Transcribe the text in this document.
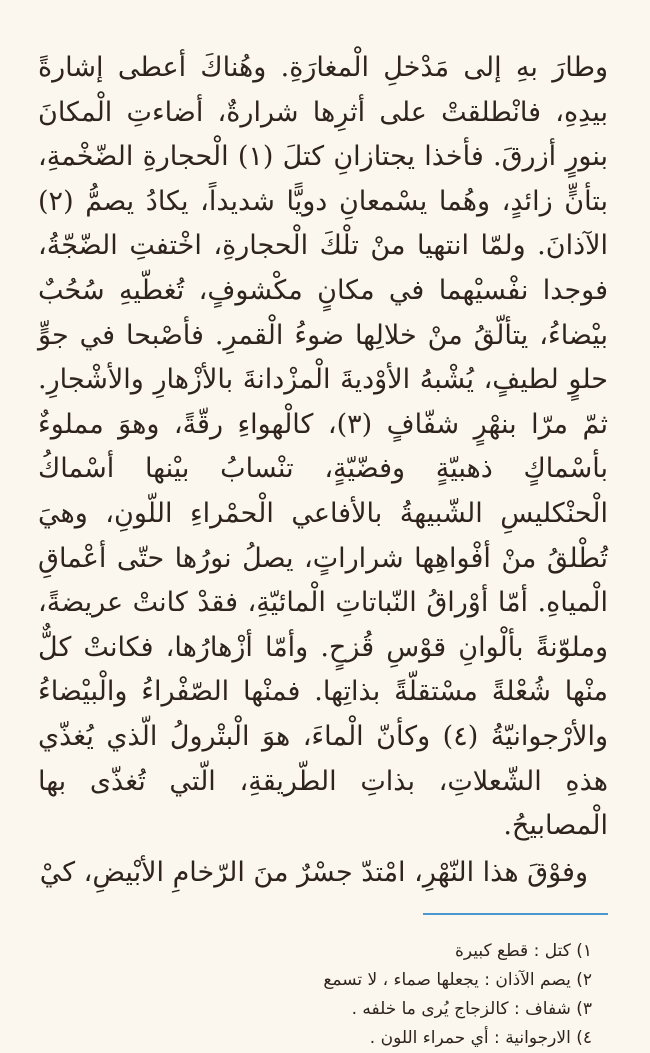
وطارَ بهِ إلى مَدْخلِ الْمغارَةِ. وهُناكَ أعطى إشارةً بيدِهِ، فانْطلقتْ على أثرِها شرارةٌ، أضاءتِ الْمكانَ بنورٍ أزرقَ. فأخذا يجتازانِ كتلَ (١) الْحجارةِ الضّخْمةِ، بتأنٍّ زائدٍ، وهُما يسْمعانِ دويًّا شديداً، يكادُ يصمُّ (٢) الآذانَ. ولمّا انتهيا منْ تلْكَ الْحجارةِ، اخْتفتِ الضّجّةُ، فوجدا نفْسيْهما في مكانٍ مكْشوفٍ، تُغطّيهِ سُحُبٌ بيْضاءُ، يتألّقُ منْ خلالِها ضوءُ الْقمرِ. فأصْبحا في جوٍّ حلوٍ لطيفٍ، يُشْبهُ الأوْديةَ الْمزْدانةَ بالأزْهارِ والأشْجارِ. ثمّ مرّا بنهْرٍ شفّافٍ (٣)، كالْهواءِ رقّةً، وهوَ مملوءٌ بأسْماكٍ ذهبيّةٍ وفضّيّةٍ، تنْسابُ بيْنها أسْماكُ الْحنْكليسِ الشّبيهةُ بالأفاعي الْحمْراءِ اللّونِ، وهيَ تُطْلقُ منْ أفْواهِها شراراتٍ، يصلُ نورُها حتّى أعْماقِ الْمياهِ. أمّا أوْراقُ النّباتاتِ الْمائيّةِ، فقدْ كانتْ عريضةً، وملوّنةً بألْوانِ قوْسِ قُزحٍ. وأمّا أزْهارُها، فكانتْ كلٌّ منْها شُعْلةً مسْتقلّةً بذاتِها. فمنْها الصّفْراءُ والْبيْضاءُ والأرْجوانيّةُ (٤) وكأنّ الْماءَ، هوَ الْبتْرولُ الّذي يُغذّي هذهِ الشّعلاتِ، بذاتِ الطّريقةِ، الّتي تُغذّى بها الْمصابيحُ.

وفوْقَ هذا النّهْرِ، امْتدّ جسْرٌ منَ الرّخامِ الأبْيضِ، كيْ

١) كتل : قطع كبيرة

٢) يصم الآذان : يجعلها صماء ، لا تسمع

٣) شفاف : كالزجاج يُرى ما خلفه .

٤) الارجوانية : أي حمراء اللون .
